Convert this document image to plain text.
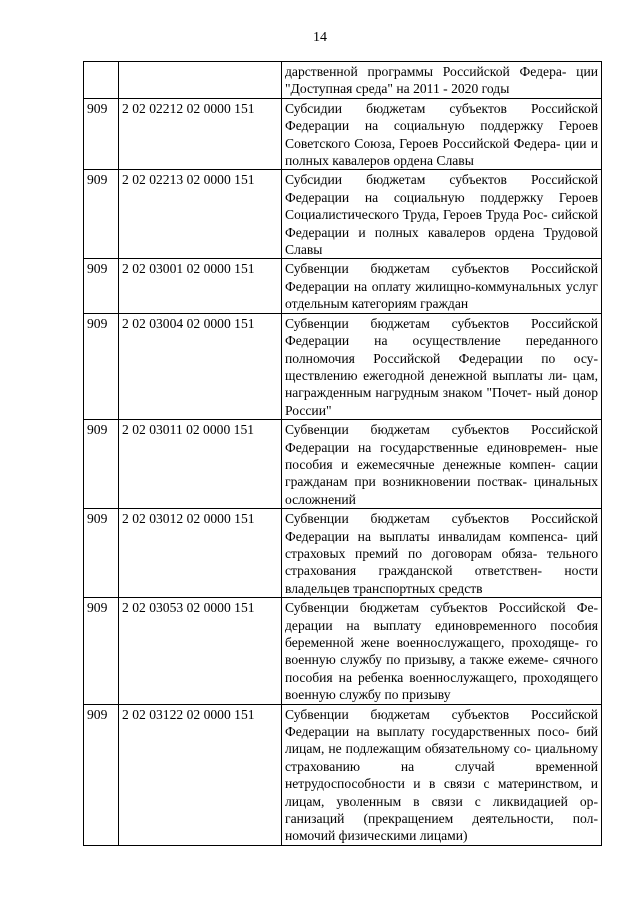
14
		дарственной программы Российской Федера- ции "Доступная среда" на 2011 - 2020 годы
909	2 02 02212 02 0000 151	Субсидии бюджетам субъектов Российской Федерации на социальную поддержку Героев Советского Союза, Героев Российской Федера- ции и полных кавалеров ордена Славы
909	2 02 02213 02 0000 151	Субсидии бюджетам субъектов Российской Федерации на социальную поддержку Героев Социалистического Труда, Героев Труда Рос- сийской Федерации и полных кавалеров ордена Трудовой Славы
909	2 02 03001 02 0000 151	Субвенции бюджетам субъектов Российской Федерации на оплату жилищно-коммунальных услуг отдельным категориям граждан
909	2 02 03004 02 0000 151	Субвенции бюджетам субъектов Российской Федерации на осуществление переданного полномочия Российской Федерации по осу- ществлению ежегодной денежной выплаты ли- цам, награжденным нагрудным знаком "Почет- ный донор России"
909	2 02 03011 02 0000 151	Субвенции бюджетам субъектов Российской Федерации на государственные единовремен- ные пособия и ежемесячные денежные компен- сации гражданам при возникновении поствак- цинальных осложнений
909	2 02 03012 02 0000 151	Субвенции бюджетам субъектов Российской Федерации на выплаты инвалидам компенса- ций страховых премий по договорам обяза- тельного страхования гражданской ответствен- ности владельцев транспортных средств
909	2 02 03053 02 0000 151	Субвенции бюджетам субъектов Российской Фе- дерации на выплату единовременного пособия беременной жене военнослужащего, проходяще- го военную службу по призыву, а также ежеме- сячного пособия на ребенка военнослужащего, проходящего военную службу по призыву
909	2 02 03122 02 0000 151	Субвенции бюджетам субъектов Российской Федерации на выплату государственных посо- бий лицам, не подлежащим обязательному со- циальному страхованию на случай временной нетрудоспособности и в связи с материнством, и лицам, уволенным в связи с ликвидацией ор- ганизаций (прекращением деятельности, пол- номочий физическими лицами)
